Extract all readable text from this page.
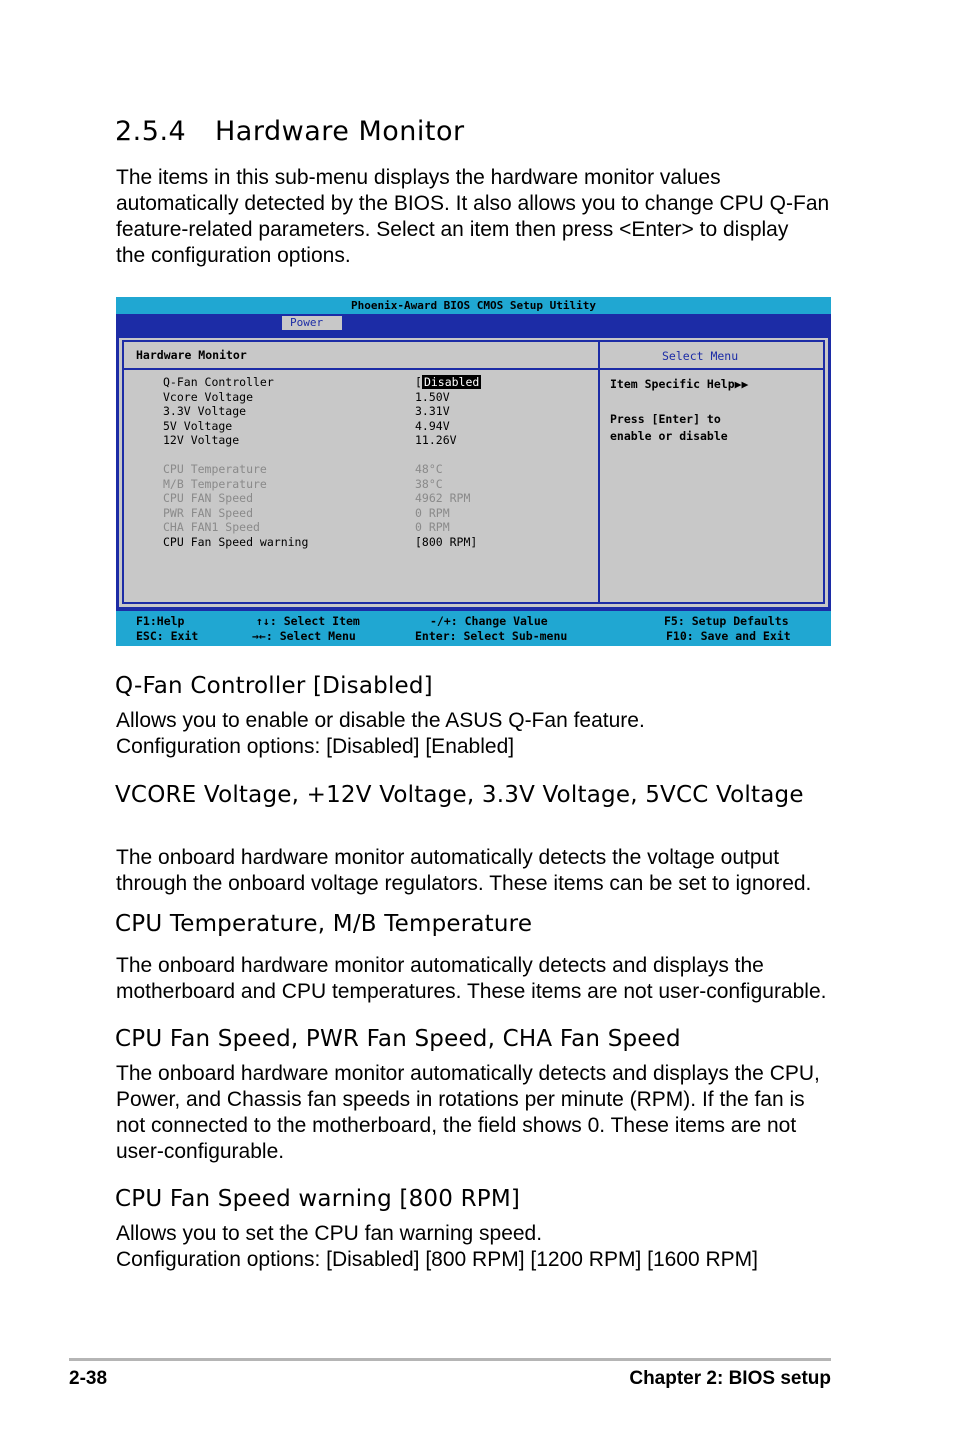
2.5.4 Hardware Monitor
The items in this sub-menu displays the hardware monitor values
automatically detected by the BIOS. It also allows you to change CPU Q-Fan
feature-related parameters. Select an item then press <Enter> to display
the configuration options.
Phoenix-Award BIOS CMOS Setup Utility
Power
Hardware Monitor	Select Menu
Q-Fan Controller	[ Disabled
Vcore Voltage	1.50V
3.3V Voltage	3.31V
5V Voltage	4.94V
12V Voltage	11.26V
CPU Temperature	48°C
M/B Temperature	38°C
CPU FAN Speed	4962 RPM
PWR FAN Speed	0 RPM
CHA FAN1 Speed	0 RPM
CPU Fan Speed warning	[800 RPM]
Item Specific Help▶▶
Press [Enter] to
enable or disable
F1:Help
ESC: Exit
↑↓: Select Item
→←: Select Menu
-/+: Change Value
Enter: Select Sub-menu
F5: Setup Defaults
F10: Save and Exit
Q-Fan Controller [Disabled]
Allows you to enable or disable the ASUS Q-Fan feature.
Configuration options: [Disabled] [Enabled]
VCORE Voltage, +12V Voltage, 3.3V Voltage, 5VCC Voltage
The onboard hardware monitor automatically detects the voltage output
through the onboard voltage regulators. These items can be set to ignored.
CPU Temperature, M/B Temperature
The onboard hardware monitor automatically detects and displays the
motherboard and CPU temperatures. These items are not user-configurable.
CPU Fan Speed, PWR Fan Speed, CHA Fan Speed
The onboard hardware monitor automatically detects and displays the CPU,
Power, and Chassis fan speeds in rotations per minute (RPM). If the fan is
not connected to the motherboard, the field shows 0. These items are not
user-configurable.
CPU Fan Speed warning [800 RPM]
Allows you to set the CPU fan warning speed.
Configuration options: [Disabled] [800 RPM] [1200 RPM] [1600 RPM]
2-38	Chapter 2: BIOS setup
